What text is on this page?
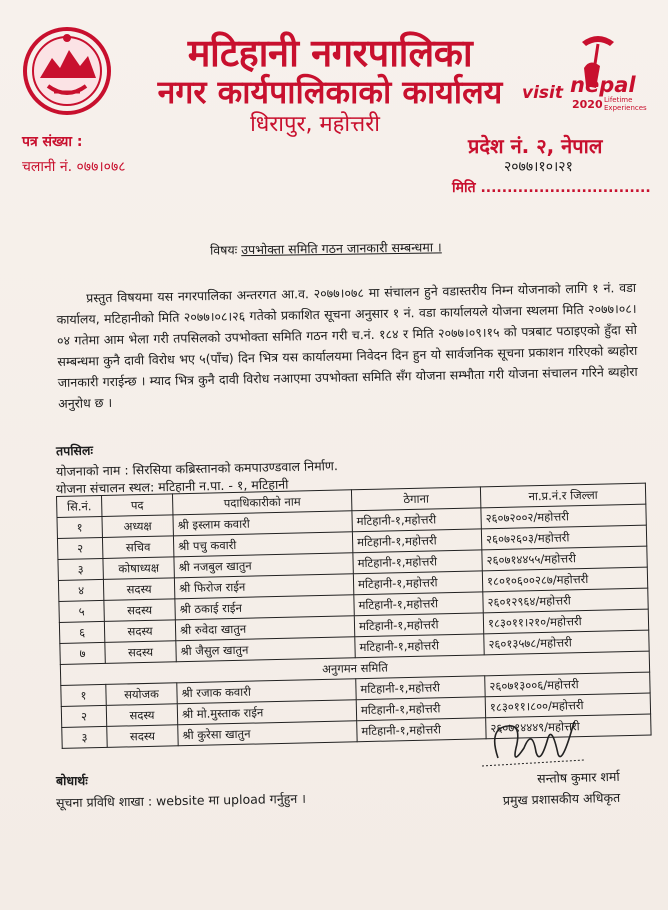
मटिहानी नगरपालिका
नगर कार्यपालिकाको कार्यालय
धिरापुर, महोत्तरी
visit nepal
2020 Lifetime
Experiences
पत्र संख्या :
चलानी नं. ०७७।०७८
प्रदेश नं. २, नेपाल
२०७७।१०।२१
मिति ................................
विषयः उपभोक्ता समिति गठन जानकारी सम्बन्धमा ।

प्रस्तुत विषयमा यस नगरपालिका अन्तरगत आ.व. २०७७।०७८ मा संचालन हुने वडास्तरीय निम्न योजनाको लागि १ नं. वडा कार्यालय, मटिहानीको मिति २०७७।०८।२६ गतेको प्रकाशित सूचना अनुसार १ नं. वडा कार्यालयले योजना स्थलमा मिति २०७७।०८।०४ गतेमा आम भेला गरी तपसिलको उपभोक्ता समिति गठन गरी च.नं. १८४ र मिति २०७७।०९।१५ को पत्रबाट पठाइएको हुँदा सो सम्बन्धमा कुनै दावी विरोध भए ५(पाँच) दिन भित्र यस कार्यालयमा निवेदन दिन हुन यो सार्वजनिक सूचना प्रकाशन गरिएको ब्यहोरा जानकारी गराईन्छ । म्याद भित्र कुनै दावी विरोध नआएमा उपभोक्ता समिति सँग योजना सम्भौता गरी योजना संचालन गरिने ब्यहोरा अनुरोध छ ।

तपसिलः
योजनाको नाम : सिरसिया कब्रिस्तानको कमपाउण्डवाल निर्माण.
योजना संचालन स्थल: मटिहानी न.पा. - १, मटिहानी
सि.नं.	पद	पदाधिकारीको नाम	ठेगाना	ना.प्र.नं.र जिल्ला
१	अध्यक्ष	श्री इस्लाम कवारी	मटिहानी-१,महोत्तरी	२६०७२००२/महोत्तरी
२	सचिव	श्री पचु कवारी	मटिहानी-१,महोत्तरी	२६०७२६०३/महोत्तरी
३	कोषाध्यक्ष	श्री नजबुल खातुन	मटिहानी-१,महोत्तरी	२६०७१४४५५/महोत्तरी
४	सदस्य	श्री फिरोज राईन	मटिहानी-१,महोत्तरी	१८०१०६००२८७/महोत्तरी
५	सदस्य	श्री ठकाई राईन	मटिहानी-१,महोत्तरी	२६०१२९६४/महोत्तरी
६	सदस्य	श्री रुवेदा खातुन	मटिहानी-१,महोत्तरी	१८३०११।२१०/महोत्तरी
७	सदस्य	श्री जैसुल खातुन	मटिहानी-१,महोत्तरी	२६०१३५७८/महोत्तरी
अनुगमन समिति				
१	सयोजक	श्री रजाक कवारी	मटिहानी-१,महोत्तरी	२६०७१३००६/महोत्तरी
२	सदस्य	श्री मो.मुस्ताक राईन	मटिहानी-१,महोत्तरी	१८३०११।८००/महोत्तरी
३	सदस्य	श्री कुरेसा खातुन	मटिहानी-१,महोत्तरी	२६०७१४४४९/महोत्तरी
बोधार्थः
सूचना प्रविधि शाखा : website मा upload गर्नुहुन ।
सन्तोष कुमार शर्मा
प्रमुख प्रशासकीय अधिकृत
